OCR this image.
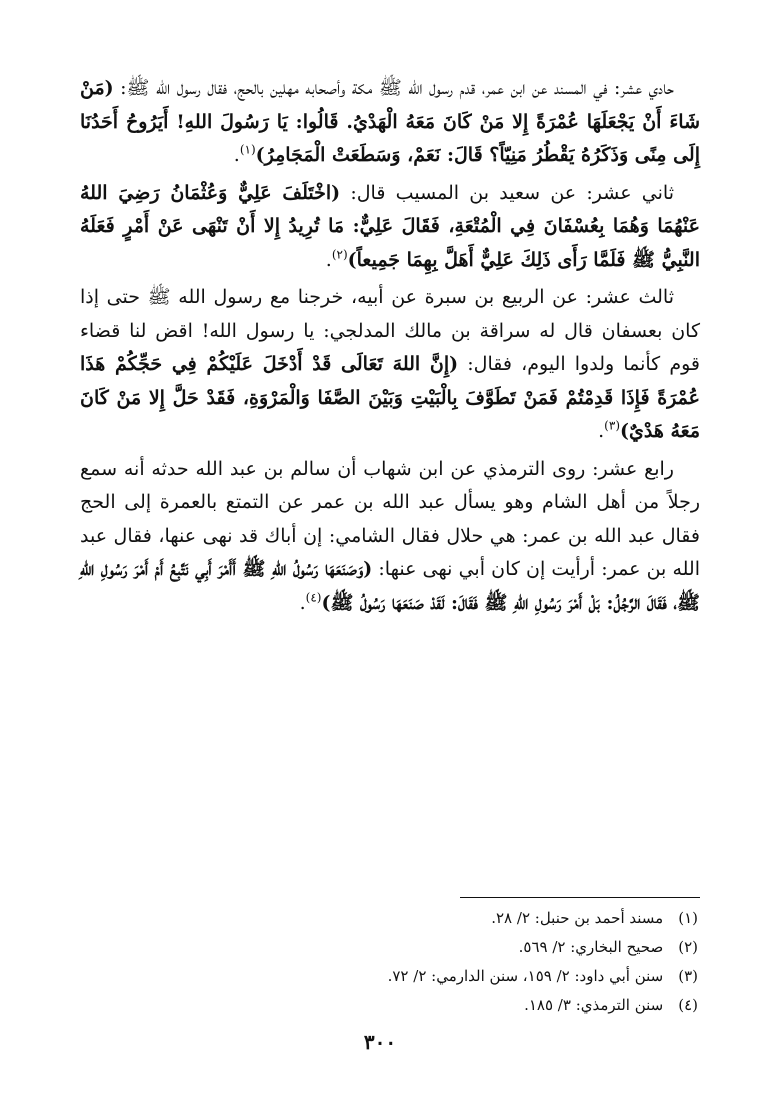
حادي عشر: في المسند عن ابن عمر، قدم رسول الله ﷺ مكة وأصحابه مهلين بالحج، فقال رسول الله ﷺ: (مَنْ شَاءَ أَنْ يَجْعَلَهَا عُمْرَةً إِلا مَنْ كَانَ مَعَهُ الْهَدْيُ. قَالُوا: يَا رَسُولَ اللهِ! أَيَرُوحُ أَحَدُنَا إِلَى مِنًى وَذَكَرُهُ يَقْطُرُ مَنِيّاً؟ قَالَ: نَعَمْ، وَسَطَعَتْ الْمَجَامِرُ)$^{(١)}$.

ثاني عشر: عن سعيد بن المسيب قال: (اخْتَلَفَ عَلِيٌّ وَعُثْمَانُ رَضِيَ اللهُ عَنْهُمَا وَهُمَا بِعُسْفَانَ فِي الْمُتْعَةِ، فَقَالَ عَلِيٌّ: مَا تُرِيدُ إِلا أَنْ تَنْهَى عَنْ أَمْرٍ فَعَلَهُ النَّبِيُّ ﷺ فَلَمَّا رَأَى ذَلِكَ عَلِيٌّ أَهَلَّ بِهِمَا جَمِيعاً)$^{(٢)}$.

ثالث عشر: عن الربيع بن سبرة عن أبيه، خرجنا مع رسول الله ﷺ حتى إذا كان بعسفان قال له سراقة بن مالك المدلجي: يا رسول الله! اقض لنا قضاء قوم كأنما ولدوا اليوم، فقال: (إِنَّ اللهَ تَعَالَى قَدْ أَدْخَلَ عَلَيْكُمْ فِي حَجِّكُمْ هَذَا عُمْرَةً فَإِذَا قَدِمْتُمْ فَمَنْ تَطَوَّفَ بِالْبَيْتِ وَبَيْنَ الصَّفَا وَالْمَرْوَةِ، فَقَدْ حَلَّ إِلا مَنْ كَانَ مَعَهُ هَدْيٌ)$^{(٣)}$.

رابع عشر: روى الترمذي عن ابن شهاب أن سالم بن عبد الله حدثه أنه سمع رجلاً من أهل الشام وهو يسأل عبد الله بن عمر عن التمتع بالعمرة إلى الحج فقال عبد الله بن عمر: هي حلال فقال الشامي: إن أباك قد نهى عنها، فقال عبد الله بن عمر: أرأيت إن كان أبي نهى عنها: (وَصَنَعَهَا رَسُولُ اللهِ ﷺ أَأَمْرَ أَبِي نَتَّبِعُ أَمْ أَمْرَ رَسُولِ اللهِ ﷺ، فَقَالَ الرَّجُلُ: بَلْ أَمْرَ رَسُولِ اللهِ ﷺ فَقَالَ: لَقَدْ صَنَعَهَا رَسُولُ ﷺ)$^{(٤)}$.

(١) مسند أحمد بن حنبل: ٢/ ٢٨.
(٢) صحيح البخاري: ٢/ ٥٦٩.
(٣) سنن أبي داود: ٢/ ١٥٩، سنن الدارمي: ٢/ ٧٢.
(٤) سنن الترمذي: ٣/ ١٨٥.
٣٠٠
